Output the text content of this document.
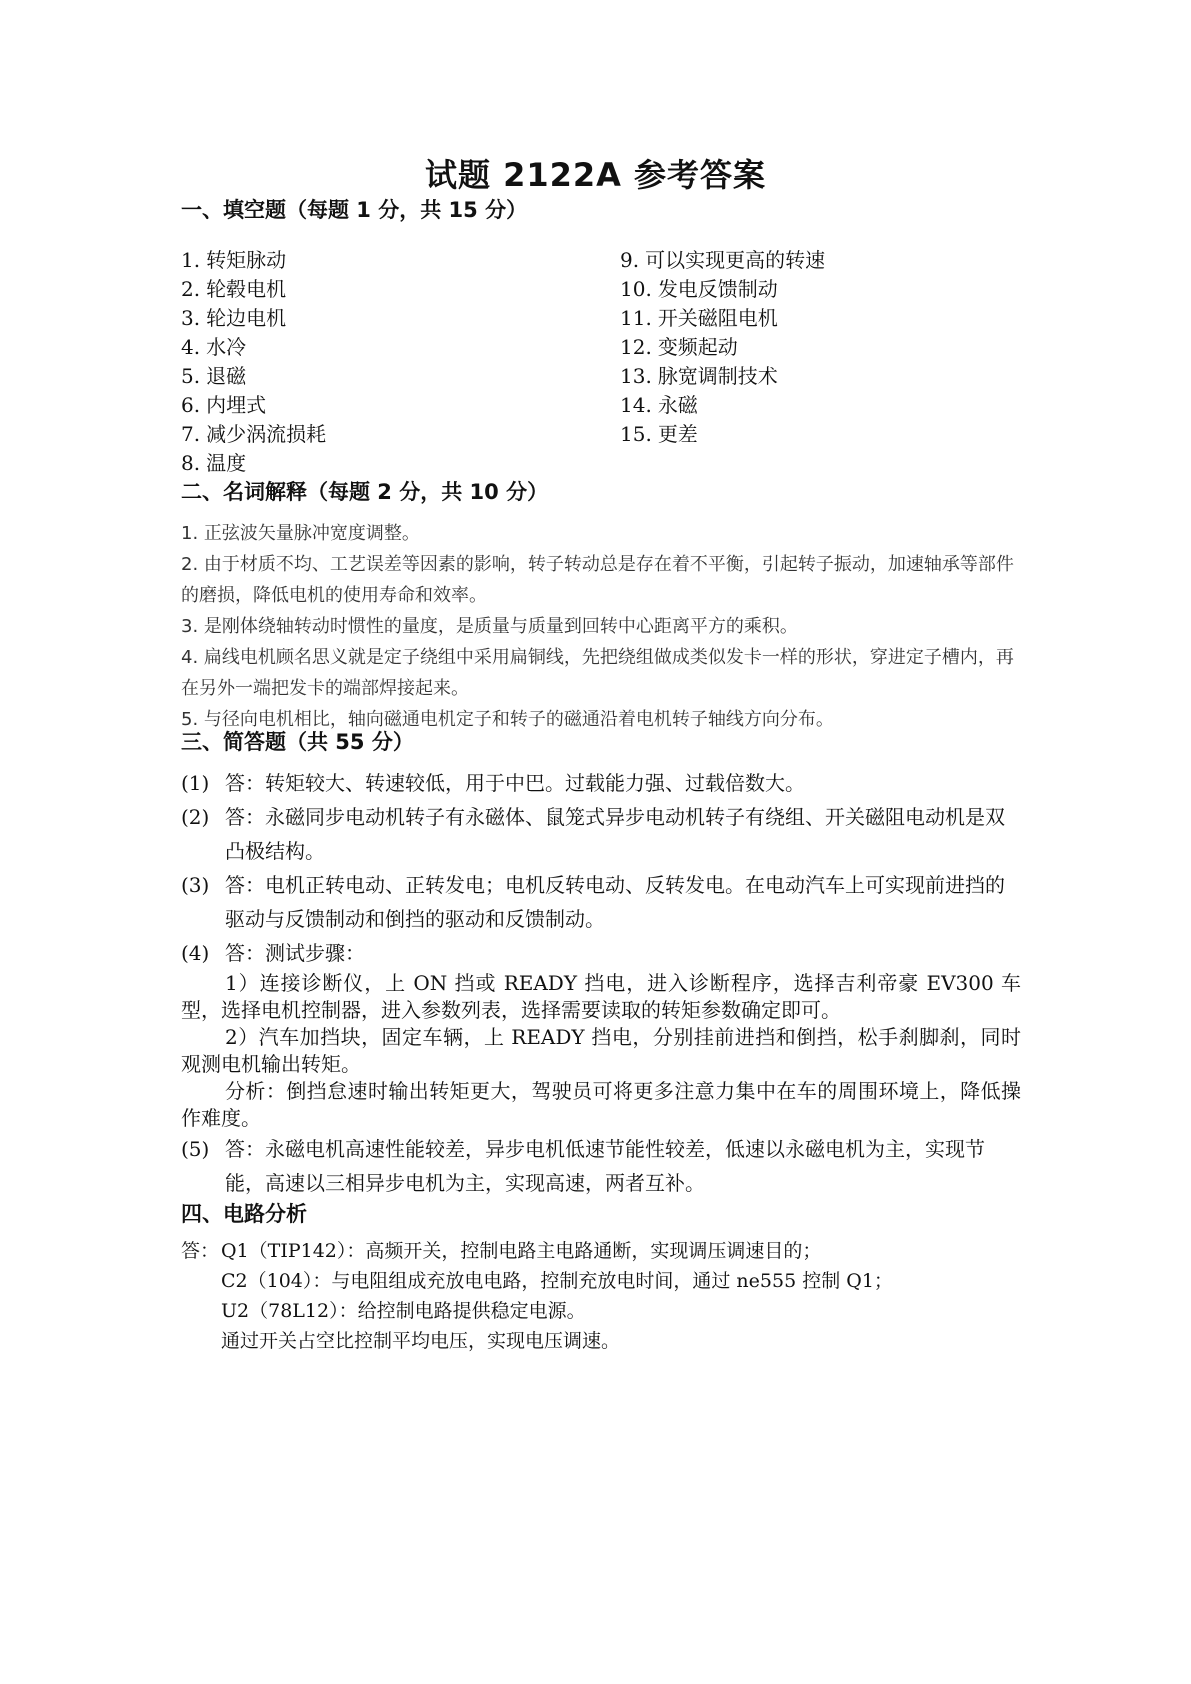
试题 2122A 参考答案
一、填空题（每题 1 分，共 15 分）
1. 转矩脉动
2. 轮毂电机
3. 轮边电机
4. 水冷
5. 退磁
6. 内埋式
7. 减少涡流损耗
8. 温度
9. 可以实现更高的转速
10. 发电反馈制动
11. 开关磁阻电机
12. 变频起动
13. 脉宽调制技术
14. 永磁
15. 更差
二、名词解释（每题 2 分，共 10 分）
1. 正弦波矢量脉冲宽度调整。
2. 由于材质不均、工艺误差等因素的影响，转子转动总是存在着不平衡，引起转子振动，加速轴承等部件的磨损，降低电机的使用寿命和效率。
3. 是刚体绕轴转动时惯性的量度，是质量与质量到回转中心距离平方的乘积。
4. 扁线电机顾名思义就是定子绕组中采用扁铜线，先把绕组做成类似发卡一样的形状，穿进定子槽内，再在另外一端把发卡的端部焊接起来。
5. 与径向电机相比，轴向磁通电机定子和转子的磁通沿着电机转子轴线方向分布。
三、简答题（共 55 分）
(1) 答：转矩较大、转速较低，用于中巴。过载能力强、过载倍数大。
(2) 答：永磁同步电动机转子有永磁体、鼠笼式异步电动机转子有绕组、开关磁阻电动机是双凸极结构。
(3) 答：电机正转电动、正转发电；电机反转电动、反转发电。在电动汽车上可实现前进挡的驱动与反馈制动和倒挡的驱动和反馈制动。
(4) 答：测试步骤：
1）连接诊断仪，上 ON 挡或 READY 挡电，进入诊断程序，选择吉利帝豪 EV300 车型，选择电机控制器，进入参数列表，选择需要读取的转矩参数确定即可。
2）汽车加挡块，固定车辆，上 READY 挡电，分别挂前进挡和倒挡，松手刹脚刹，同时观测电机输出转矩。
分析：倒挡怠速时输出转矩更大，驾驶员可将更多注意力集中在车的周围环境上，降低操作难度。
(5) 答：永磁电机高速性能较差，异步电机低速节能性较差，低速以永磁电机为主，实现节能，高速以三相异步电机为主，实现高速，两者互补。
四、电路分析
答： Q1（TIP142）：高频开关，控制电路主电路通断，实现调压调速目的；
C2（104）：与电阻组成充放电电路，控制充放电时间，通过 ne555 控制 Q1；
U2（78L12）：给控制电路提供稳定电源。
通过开关占空比控制平均电压，实现电压调速。
